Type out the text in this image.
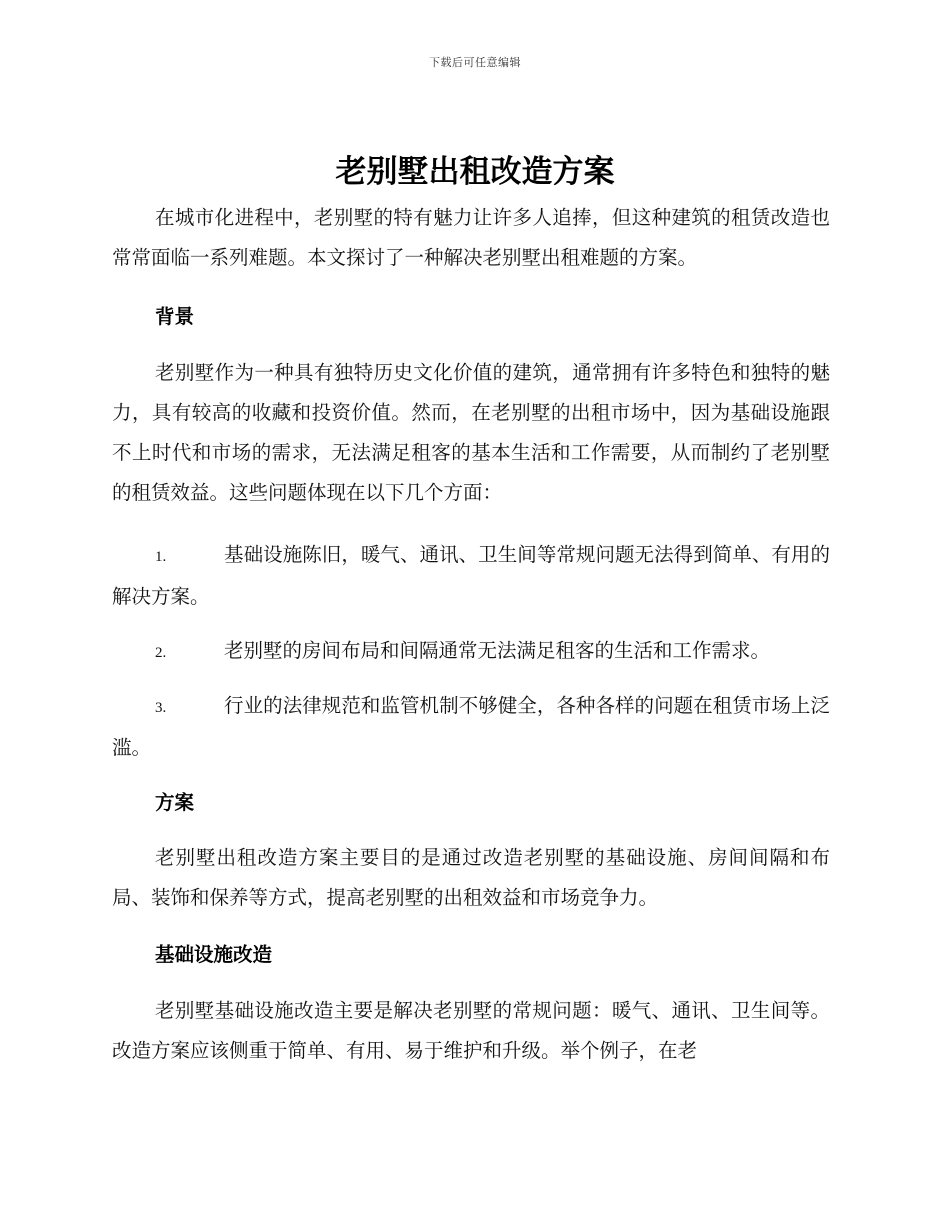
下载后可任意编辑
老别墅出租改造方案

在城市化进程中，老别墅的特有魅力让许多人追捧，但这种建筑的租赁改造也常常面临一系列难题。本文探讨了一种解决老别墅出租难题的方案。

背景

老别墅作为一种具有独特历史文化价值的建筑，通常拥有许多特色和独特的魅力，具有较高的收藏和投资价值。然而，在老别墅的出租市场中，因为基础设施跟不上时代和市场的需求，无法满足租客的基本生活和工作需要，从而制约了老别墅的租赁效益。这些问题体现在以下几个方面：

1.	基础设施陈旧，暖气、通讯、卫生间等常规问题无法得到简单、有用的解决方案。

2.	老别墅的房间布局和间隔通常无法满足租客的生活和工作需求。

3.	行业的法律规范和监管机制不够健全，各种各样的问题在租赁市场上泛滥。

方案

老别墅出租改造方案主要目的是通过改造老别墅的基础设施、房间间隔和布局、装饰和保养等方式，提高老别墅的出租效益和市场竞争力。

基础设施改造

老别墅基础设施改造主要是解决老别墅的常规问题：暖气、通讯、卫生间等。改造方案应该侧重于简单、有用、易于维护和升级。举个例子，在老
